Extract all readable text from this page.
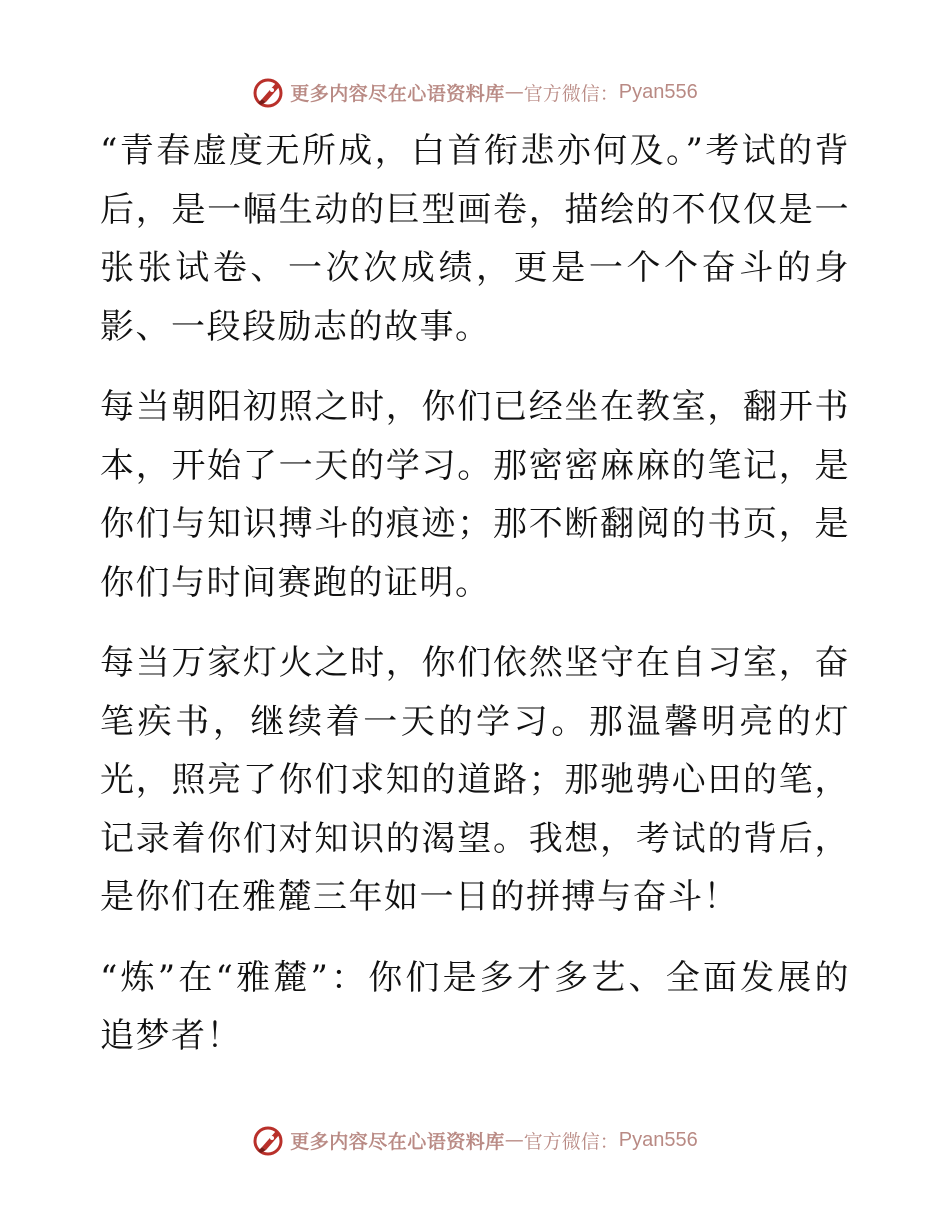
更多内容尽在心语资料库 — 官方微信： Pyan556

“青春虚度无所成，白首衔悲亦何及。”考试的背后，是一幅生动的巨型画卷，描绘的不仅仅是一张张试卷、一次次成绩，更是一个个奋斗的身影、一段段励志的故事。

每当朝阳初照之时，你们已经坐在教室，翻开书本，开始了一天的学习。那密密麻麻的笔记，是你们与知识搏斗的痕迹；那不断翻阅的书页，是你们与时间赛跑的证明。

每当万家灯火之时，你们依然坚守在自习室，奋笔疾书，继续着一天的学习。那温馨明亮的灯光，照亮了你们求知的道路；那驰骋心田的笔，记录着你们对知识的渴望。我想，考试的背后，是你们在雅麓三年如一日的拼搏与奋斗！

“炼”在“雅麓”：你们是多才多艺、全面发展的追梦者！

更多内容尽在心语资料库 — 官方微信： Pyan556
